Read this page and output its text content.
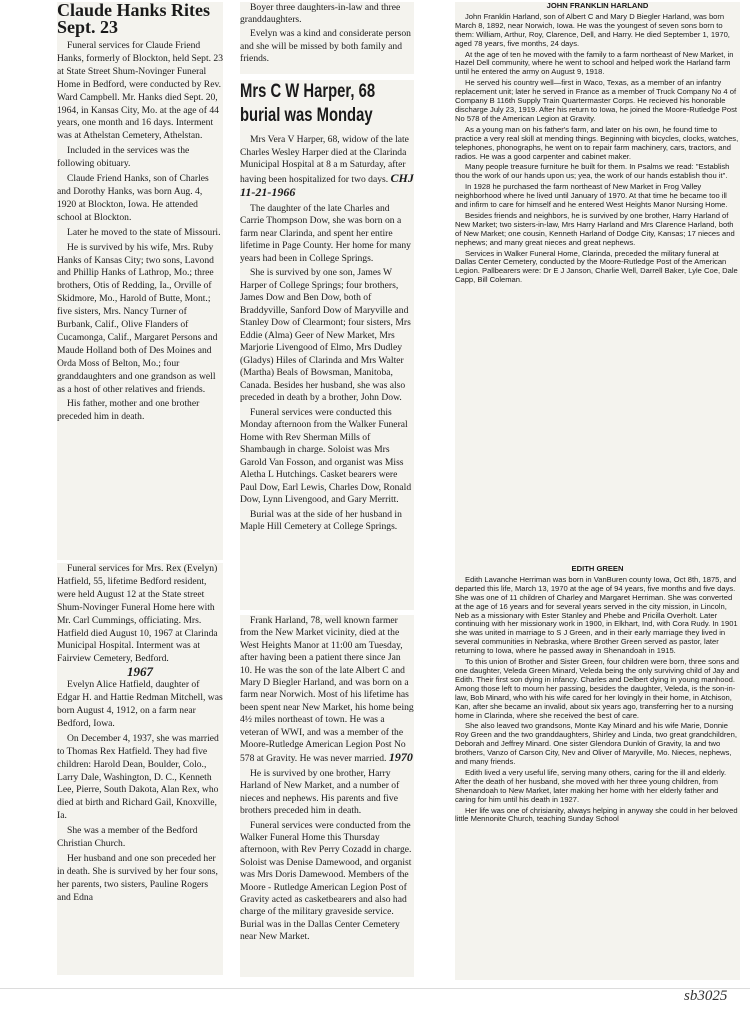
Claude Hanks Rites Sept. 23

Funeral services for Claude Friend Hanks, formerly of Blockton, held Sept. 23 at State Street Shum-Novinger Funeral Home in Bedford, were conducted by Rev. Ward Campbell. Mr. Hanks died Sept. 20, 1964, in Kansas City, Mo. at the age of 44 years, one month and 16 days. Interment was at Athelstan Cemetery, Athelstan.

Included in the services was the following obituary.

Claude Friend Hanks, son of Charles and Dorothy Hanks, was born Aug. 4, 1920 at Blockton, Iowa. He attended school at Blockton.

Later he moved to the state of Missouri.

He is survived by his wife, Mrs. Ruby Hanks of Kansas City; two sons, Lavond and Phillip Hanks of Lathrop, Mo.; three brothers, Otis of Redding, Ia., Orville of Skidmore, Mo., Harold of Butte, Mont.; five sisters, Mrs. Nancy Turner of Burbank, Calif., Olive Flanders of Cucamonga, Calif., Margaret Persons and Maude Holland both of Des Moines and Orda Moss of Belton, Mo.; four granddaughters and one grandson as well as a host of other relatives and friends.

His father, mother and one brother preceded him in death.

Funeral services for Mrs. Rex (Evelyn) Hatfield, 55, lifetime Bedford resident, were held August 12 at the State street Shum-Novinger Funeral Home here with Mr. Carl Cummings, officiating. Mrs. Hatfield died August 10, 1967 at Clarinda Municipal Hospital. Interment was at Fairview Cemetery, Bedford.

1967

Evelyn Alice Hatfield, daughter of Edgar H. and Hattie Redman Mitchell, was born August 4, 1912, on a farm near Bedford, Iowa.

On December 4, 1937, she was married to Thomas Rex Hatfield. They had five children: Harold Dean, Boulder, Colo., Larry Dale, Washington, D. C., Kenneth Lee, Pierre, South Dakota, Alan Rex, who died at birth and Richard Gail, Knoxville, Ia.

She was a member of the Bedford Christian Church.

Her husband and one son preceded her in death. She is survived by her four sons, her parents, two sisters, Pauline Rogers and Edna

Boyer three daughters-in-law and three granddaughters.

Evelyn was a kind and considerate person and she will be missed by both family and friends.

Mrs C W Harper, 68 burial was Monday

Mrs Vera V Harper, 68, widow of the late Charles Wesley Harper died at the Clarinda Municipal Hospital at 8 a m Saturday, after having been hospitalized for two days. CHJ 11-21-1966

The daughter of the late Charles and Carrie Thompson Dow, she was born on a farm near Clarinda, and spent her entire lifetime in Page County. Her home for many years had been in College Springs.

She is survived by one son, James W Harper of College Springs; four brothers, James Dow and Ben Dow, both of Braddyville, Sanford Dow of Maryville and Stanley Dow of Clearmont; four sisters, Mrs Eddie (Alma) Geer of New Market, Mrs Marjorie Livengood of Elmo, Mrs Dudley (Gladys) Hiles of Clarinda and Mrs Walter (Martha) Beals of Bowsman, Manitoba, Canada. Besides her husband, she was also preceded in death by a brother, John Dow.

Funeral services were conducted this Monday afternoon from the Walker Funeral Home with Rev Sherman Mills of Shambaugh in charge. Soloist was Mrs Garold Van Fosson, and organist was Miss Aletha L Hutchings. Casket bearers were Paul Dow, Earl Lewis, Charles Dow, Ronald Dow, Lynn Livengood, and Gary Merritt.

Burial was at the side of her husband in Maple Hill Cemetery at College Springs.

Frank Harland, 78, well known farmer from the New Market vicinity, died at the West Heights Manor at 11:00 am Tuesday, after having been a patient there since Jan 10. He was the son of the late Albert C and Mary D Biegler Harland, and was born on a farm near Norwich. Most of his lifetime has been spent near New Market, his home being 4½ miles northeast of town. He was a veteran of WWI, and was a member of the Moore-Rutledge American Legion Post No 578 at Gravity. He was never married. 1970

He is survived by one brother, Harry Harland of New Market, and a number of nieces and nephews. His parents and five brothers preceded him in death.

Funeral services were conducted from the Walker Funeral Home this Thursday afternoon, with Rev Perry Cozadd in charge. Soloist was Denise Damewood, and organist was Mrs Doris Damewood. Members of the Moore - Rutledge American Legion Post of Gravity acted as casketbearers and also had charge of the military graveside service. Burial was in the Dallas Center Cemetery near New Market.

JOHN FRANKLIN HARLAND

John Franklin Harland, son of Albert C and Mary D Biegler Harland, was born March 8, 1892, near Norwich, Iowa. He was the youngest of seven sons born to them: William, Arthur, Roy, Clarence, Dell, and Harry. He died September 1, 1970, aged 78 years, five months, 24 days.

At the age of ten he moved with the family to a farm northeast of New Market, in Hazel Dell community, where he went to school and helped work the Harland farm until he entered the army on August 9, 1918.

He served his country well—first in Waco, Texas, as a member of an infantry replacement unit; later he served in France as a member of Truck Company No 4 of Company B 116th Supply Train Quartermaster Corps. He recieved his honorable discharge July 23, 1919. After his return to Iowa, he joined the Moore-Rutledge Post No 578 of the American Legion at Gravity.

As a young man on his father's farm, and later on his own, he found time to practice a very real skill at mending things. Beginning with bicycles, clocks, watches, telephones, phonographs, he went on to repair farm machinery, cars, tractors, and radios. He was a good carpenter and cabinet maker.

Many people treasure furniture he built for them. In Psalms we read: "Establish thou the work of our hands upon us; yea, the work of our hands establish thou it".

In 1928 he purchased the farm northeast of New Market in Frog Valley neighborhood where he lived until January of 1970. At that time he became too ill and infirm to care for himself and he entered West Heights Manor Nursing Home.

Besides friends and neighbors, he is survived by one brother, Harry Harland of New Market; two sisters-in-law, Mrs Harry Harland and Mrs Clarence Harland, both of New Market; one cousin, Kenneth Harland of Dodge City, Kansas; 17 nieces and nephews; and many great nieces and great nephews.

Services in Walker Funeral Home, Clarinda, preceded the military funeral at Dallas Center Cemetery, conducted by the Moore-Rutledge Post of the American Legion. Pallbearers were: Dr E J Janson, Charlie Well, Darrell Baker, Lyle Coe, Dale Capp, Bill Coleman.

EDITH GREEN

Edith Lavanche Herriman was born in VanBuren county Iowa, Oct 8th, 1875, and departed this life, March 13, 1970 at the age of 94 years, five months and five days. She was one of 11 children of Charley and Margaret Herriman. She was converted at the age of 16 years and for several years served in the city mission, in Lincoln, Neb as a missionary with Ester Stanley and Phebe and Pricilla Overholt. Later continuing with her missionary work in 1900, in Elkhart, Ind, with Cora Rudy. In 1901 she was united in marriage to S J Green, and in their early marriage they lived in several communities in Nebraska, where Brother Green served as pastor, later returning to Iowa, where he passed away in Shenandoah in 1915.

To this union of Brother and Sister Green, four children were born, three sons and one daughter, Veleda Green Minard, Veleda being the only surviving child of Jay and Edith. Their first son dying in infancy. Charles and Delbert dying in young manhood. Among those left to mourn her passing, besides the daughter, Veleda, is the son-in-law, Bob Minard, who with his wife cared for her lovingly in their home, in Atchison, Kan, after she became an invalid, about six years ago, transferring her to a nursing home in Clarinda, where she received the best of care.

She also leaved two grandsons, Monte Kay Minard and his wife Marie, Donnie Roy Green and the two granddaughters, Shirley and Linda, two great grandchildren, Deborah and Jeffrey Minard. One sister Glendora Dunkin of Gravity, Ia and two brothers, Vanzo of Carson City, Nev and Oliver of Maryville, Mo. Nieces, nephews, and many friends.

Edith lived a very useful life, serving many others, caring for the ill and elderly. After the death of her husband, she moved with her three young children, from Shenandoah to New Market, later making her home with her elderly father and caring for him until his death in 1927.

Her life was one of chrisianity, always helping in anyway she could in her beloved little Mennonite Church, teaching Sunday School

sb3025
